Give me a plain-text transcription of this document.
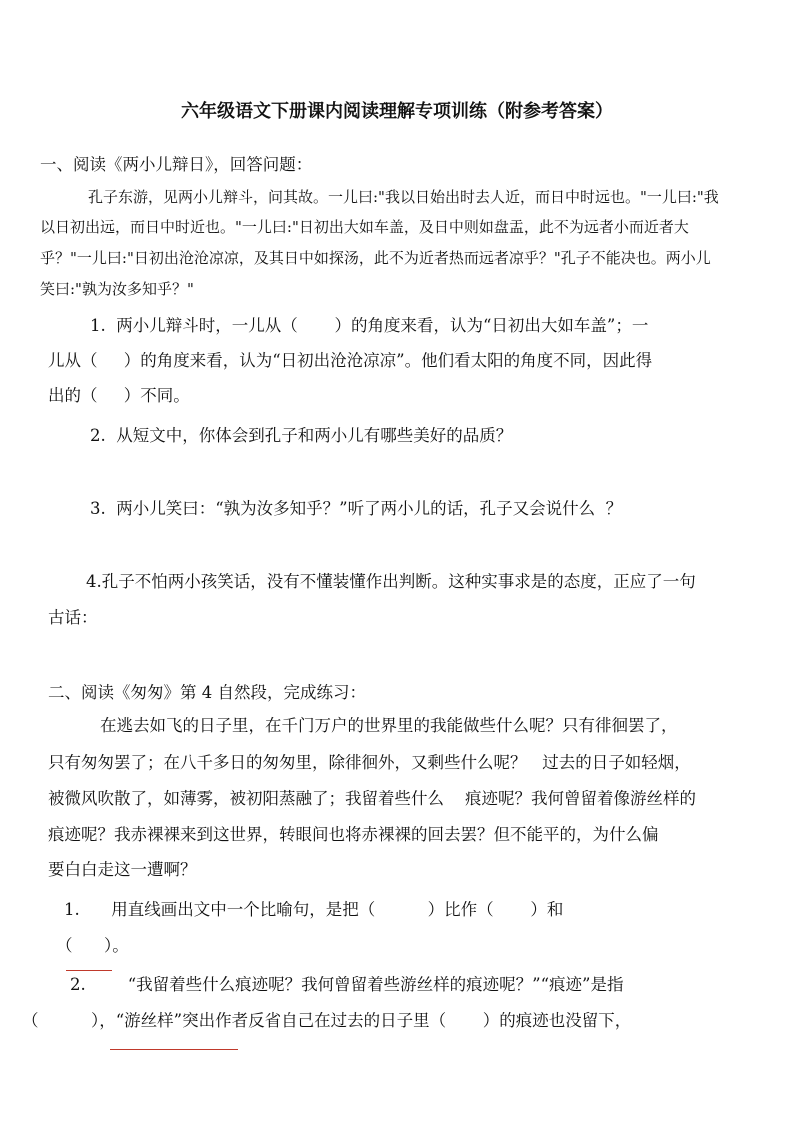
六年级语文下册课内阅读理解专项训练（附参考答案）
一、阅读《两小儿辩日》，回答问题：
孔子东游，见两小儿辩斗，问其故。一儿曰:"我以日始出时去人近，而日中时远也。"一儿曰:"我
以日初出远，而日中时近也。"一儿曰:"日初出大如车盖，及日中则如盘盂，此不为远者小而近者大
乎？"一儿曰:"日初出沧沧凉凉，及其日中如探汤，此不为近者热而远者凉乎？"孔子不能决也。两小儿
笑曰:"孰为汝多知乎？"
1.  两小儿辩斗时，一儿从（       ）的角度来看，认为“日初出大如车盖”；一
儿从（     ）的角度来看，认为“日初出沧沧凉凉”。他们看太阳的角度不同，因此得
出的（     ）不同。
2.  从短文中，你体会到孔子和两小儿有哪些美好的品质？
3.  两小儿笑曰：“孰为汝多知乎？”听了两小儿的话，孔子又会说什么  ？
4.孔子不怕两小孩笑话，没有不懂装懂作出判断。这种实事求是的态度，正应了一句
古话：
二、阅读《匆匆》第 4 自然段，完成练习：
在逃去如飞的日子里，在千门万户的世界里的我能做些什么呢？只有徘徊罢了，
只有匆匆罢了；在八千多日的匆匆里，除徘徊外，又剩些什么呢？   过去的日子如轻烟，
被微风吹散了，如薄雾，被初阳蒸融了；我留着些什么    痕迹呢？我何曾留着像游丝样的
痕迹呢？我赤裸裸来到这世界，转眼间也将赤裸裸的回去罢？但不能平的，为什么偏
要白白走这一遭啊？
1.      用直线画出文中一个比喻句，是把（          ）比作（       ）和
（      ）。
2.        “我留着些什么痕迹呢？我何曾留着些游丝样的痕迹呢？”“痕迹”是指
（          ），“游丝样”突出作者反省自己在过去的日子里（       ）的痕迹也没留下，
